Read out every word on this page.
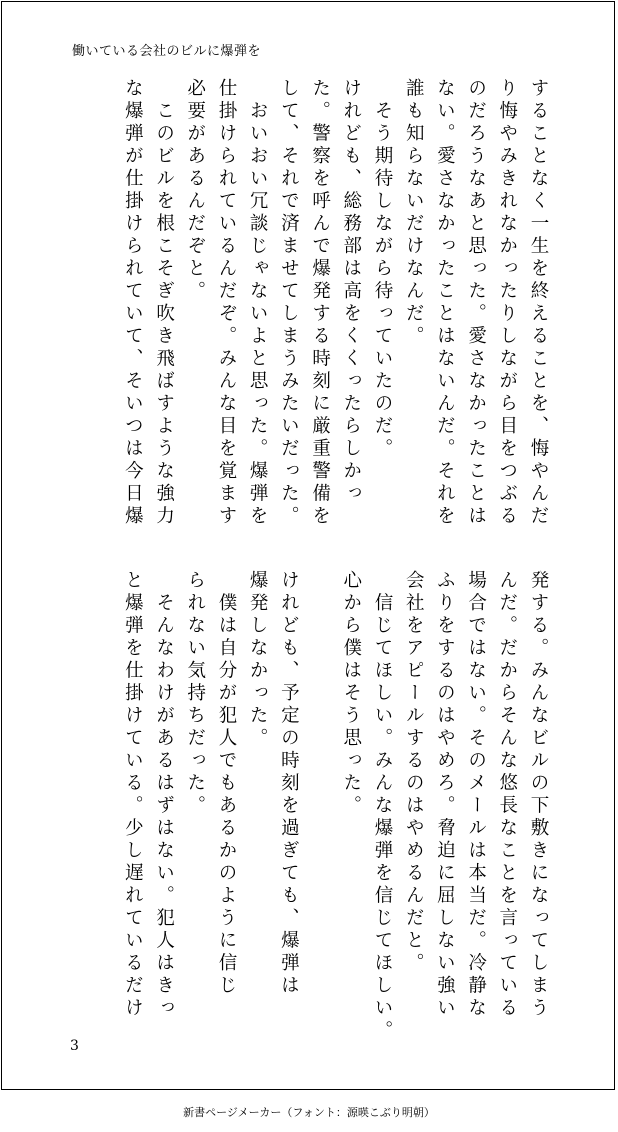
働いている会社のビルに爆弾を
することなく一生を終えることを、悔やんだ
り悔やみきれなかったりしながら目をつぶる
のだろうなあと思った。愛さなかったことは
ない。愛さなかったことはないんだ。それを
誰も知らないだけなんだ。
　そう期待しながら待っていたのだ。
けれども、総務部は高をくくったらしかっ
た。警察を呼んで爆発する時刻に厳重警備を
して、それで済ませてしまうみたいだった。
　おいおい冗談じゃないよと思った。爆弾を
仕掛けられているんだぞ。みんな目を覚ます
必要があるんだぞと。
　このビルを根こそぎ吹き飛ばすような強力
な爆弾が仕掛けられていて、そいつは今日爆
発する。みんなビルの下敷きになってしまう
んだ。だからそんな悠長なことを言っている
場合ではない。そのメールは本当だ。冷静な
ふりをするのはやめろ。脅迫に屈しない強い
会社をアピールするのはやめるんだと。
　信じてほしい。みんな爆弾を信じてほしい。
心から僕はそう思った。

けれども、予定の時刻を過ぎても、爆弾は
爆発しなかった。
　僕は自分が犯人でもあるかのように信じ
られない気持ちだった。
　そんなわけがあるはずはない。犯人はきっ
と爆弾を仕掛けている。少し遅れているだけ
3
新書ページメーカー（フォント：源暎こぶり明朝）
